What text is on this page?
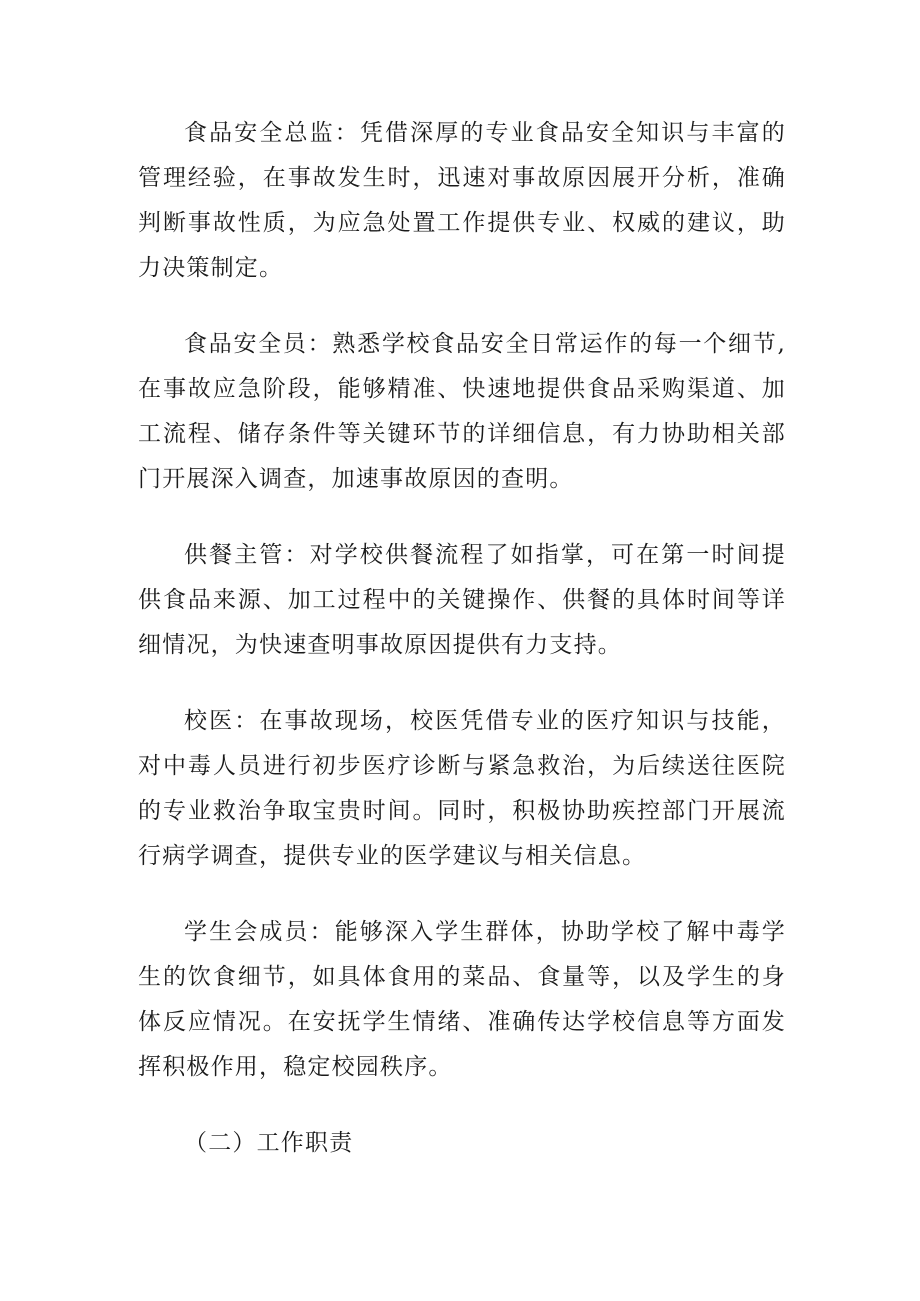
食品安全总监：凭借深厚的专业食品安全知识与丰富的管理经验，在事故发生时，迅速对事故原因展开分析，准确判断事故性质，为应急处置工作提供专业、权威的建议，助力决策制定。

食品安全员：熟悉学校食品安全日常运作的每一个细节,在事故应急阶段，能够精准、快速地提供食品采购渠道、加工流程、储存条件等关键环节的详细信息，有力协助相关部门开展深入调查，加速事故原因的查明。

供餐主管：对学校供餐流程了如指掌，可在第一时间提供食品来源、加工过程中的关键操作、供餐的具体时间等详细情况，为快速查明事故原因提供有力支持。

校医：在事故现场，校医凭借专业的医疗知识与技能，对中毒人员进行初步医疗诊断与紧急救治，为后续送往医院的专业救治争取宝贵时间。同时，积极协助疾控部门开展流行病学调查，提供专业的医学建议与相关信息。

学生会成员：能够深入学生群体，协助学校了解中毒学生的饮食细节，如具体食用的菜品、食量等，以及学生的身体反应情况。在安抚学生情绪、准确传达学校信息等方面发挥积极作用，稳定校园秩序。

（二）工作职责
